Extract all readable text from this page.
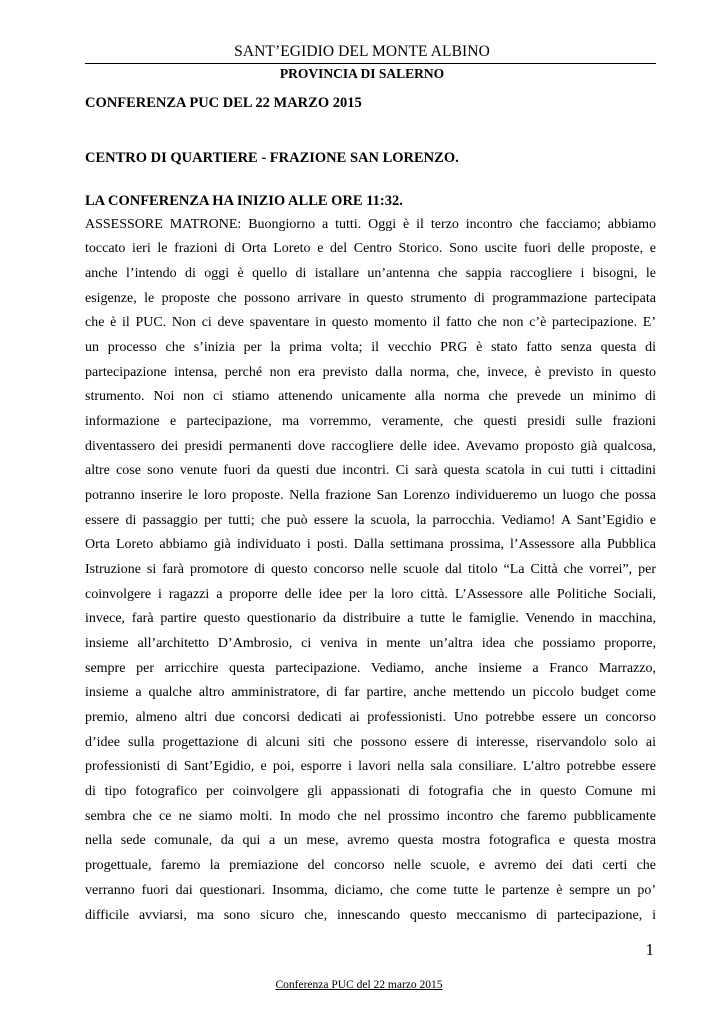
SANT’EGIDIO DEL MONTE ALBINO
PROVINCIA DI SALERNO
CONFERENZA PUC DEL 22 MARZO 2015
CENTRO DI QUARTIERE - FRAZIONE SAN LORENZO.
LA CONFERENZA HA INIZIO ALLE ORE 11:32.
ASSESSORE MATRONE: Buongiorno a tutti. Oggi è il terzo incontro che facciamo; abbiamo
toccato ieri le frazioni di Orta Loreto e del Centro Storico. Sono uscite fuori delle proposte, e
anche l’intendo di oggi è quello di istallare un’antenna che sappia raccogliere i bisogni, le
esigenze, le proposte che possono arrivare in questo strumento di programmazione partecipata
che è il PUC. Non ci deve spaventare in questo momento il fatto che non c’è partecipazione. E’
un processo che s’inizia per la prima volta; il vecchio PRG è stato fatto senza questa di
partecipazione intensa, perché non era previsto dalla norma, che, invece, è previsto in questo
strumento. Noi non ci stiamo attenendo unicamente alla norma che prevede un minimo di
informazione e partecipazione, ma vorremmo, veramente, che questi presidi sulle frazioni
diventassero dei presidi permanenti dove raccogliere delle idee. Avevamo proposto già qualcosa,
altre cose sono venute fuori da questi due incontri. Ci sarà questa scatola in cui tutti i cittadini
potranno inserire le loro proposte. Nella frazione San Lorenzo individueremo un luogo che possa
essere di passaggio per tutti; che può essere la scuola, la parrocchia. Vediamo! A Sant’Egidio e
Orta Loreto abbiamo già individuato i posti. Dalla settimana prossima, l’Assessore alla Pubblica
Istruzione si farà promotore di questo concorso nelle scuole dal titolo “La Città che vorrei”, per
coinvolgere i ragazzi a proporre delle idee per la loro città. L’Assessore alle Politiche Sociali,
invece, farà partire questo questionario da distribuire a tutte le famiglie. Venendo in macchina,
insieme all’architetto D’Ambrosio, ci veniva in mente un’altra idea che possiamo proporre,
sempre per arricchire questa partecipazione. Vediamo, anche insieme a Franco Marrazzo,
insieme a qualche altro amministratore, di far partire, anche mettendo un piccolo budget come
premio, almeno altri due concorsi dedicati ai professionisti. Uno potrebbe essere un concorso
d’idee sulla progettazione di alcuni siti che possono essere di interesse, riservandolo solo ai
professionisti di Sant’Egidio, e poi, esporre i lavori nella sala consiliare. L’altro potrebbe essere
di tipo fotografico per coinvolgere gli appassionati di fotografia che in questo Comune mi
sembra che ce ne siamo molti. In modo che nel prossimo incontro che faremo pubblicamente
nella sede comunale, da qui a un mese, avremo questa mostra fotografica e questa mostra
progettuale, faremo la premiazione del concorso nelle scuole, e avremo dei dati certi che
verranno fuori dai questionari. Insomma, diciamo, che come tutte le partenze è sempre un po’
difficile avviarsi, ma sono sicuro che, innescando questo meccanismo di partecipazione, i
1
Conferenza PUC del 22 marzo 2015
